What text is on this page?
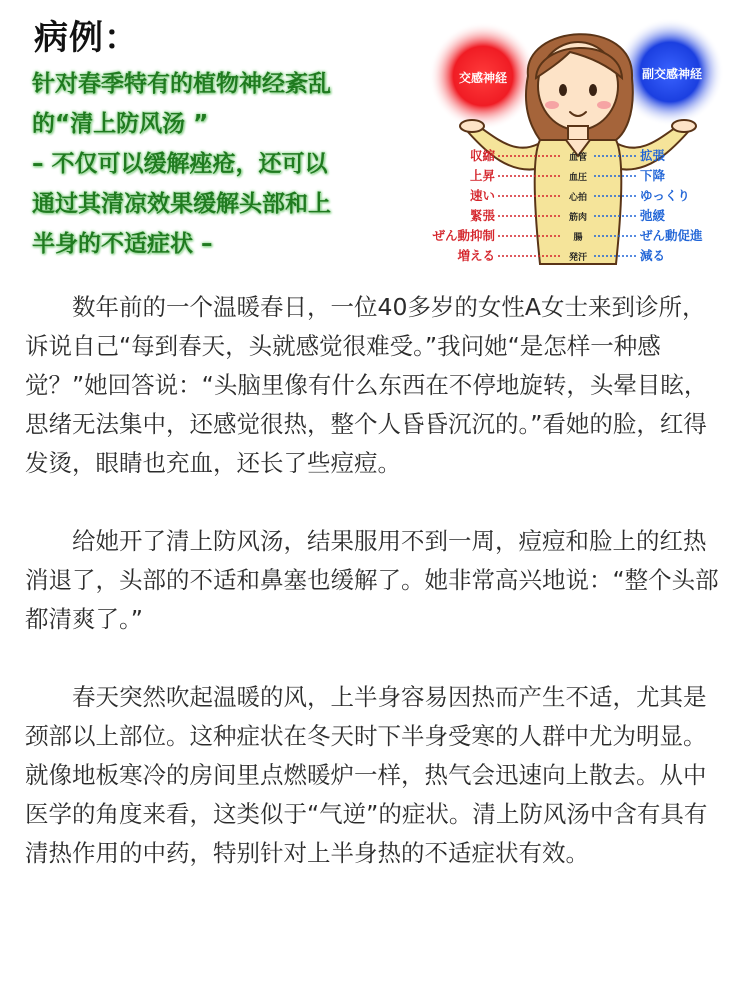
病例：
针对春季特有的植物神经紊乱
的“清上防风汤 ”
– 不仅可以缓解痤疮，还可以
通过其清凉效果缓解头部和上
半身的不适症状 –
交感神経	副交感神経
収縮	血管	拡張
上昇	血圧	下降
速い	心拍	ゆっくり
緊張	筋肉	弛緩
ぜん動抑制	腸	ぜん動促進
増える	発汗	減る

数年前的一个温暖春日，一位40多岁的女性A女士来到诊所，诉说自己“每到春天，头就感觉很难受。”我问她“是怎样一种感觉？”她回答说：“头脑里像有什么东西在不停地旋转，头晕目眩，思绪无法集中，还感觉很热，整个人昏昏沉沉的。”看她的脸，红得发烫，眼睛也充血，还长了些痘痘。

给她开了清上防风汤，结果服用不到一周，痘痘和脸上的红热消退了，头部的不适和鼻塞也缓解了。她非常高兴地说：“整个头部都清爽了。”

春天突然吹起温暖的风，上半身容易因热而产生不适，尤其是颈部以上部位。这种症状在冬天时下半身受寒的人群中尤为明显。就像地板寒冷的房间里点燃暖炉一样，热气会迅速向上散去。从中医学的角度来看，这类似于“气逆”的症状。清上防风汤中含有具有清热作用的中药，特别针对上半身热的不适症状有效。
